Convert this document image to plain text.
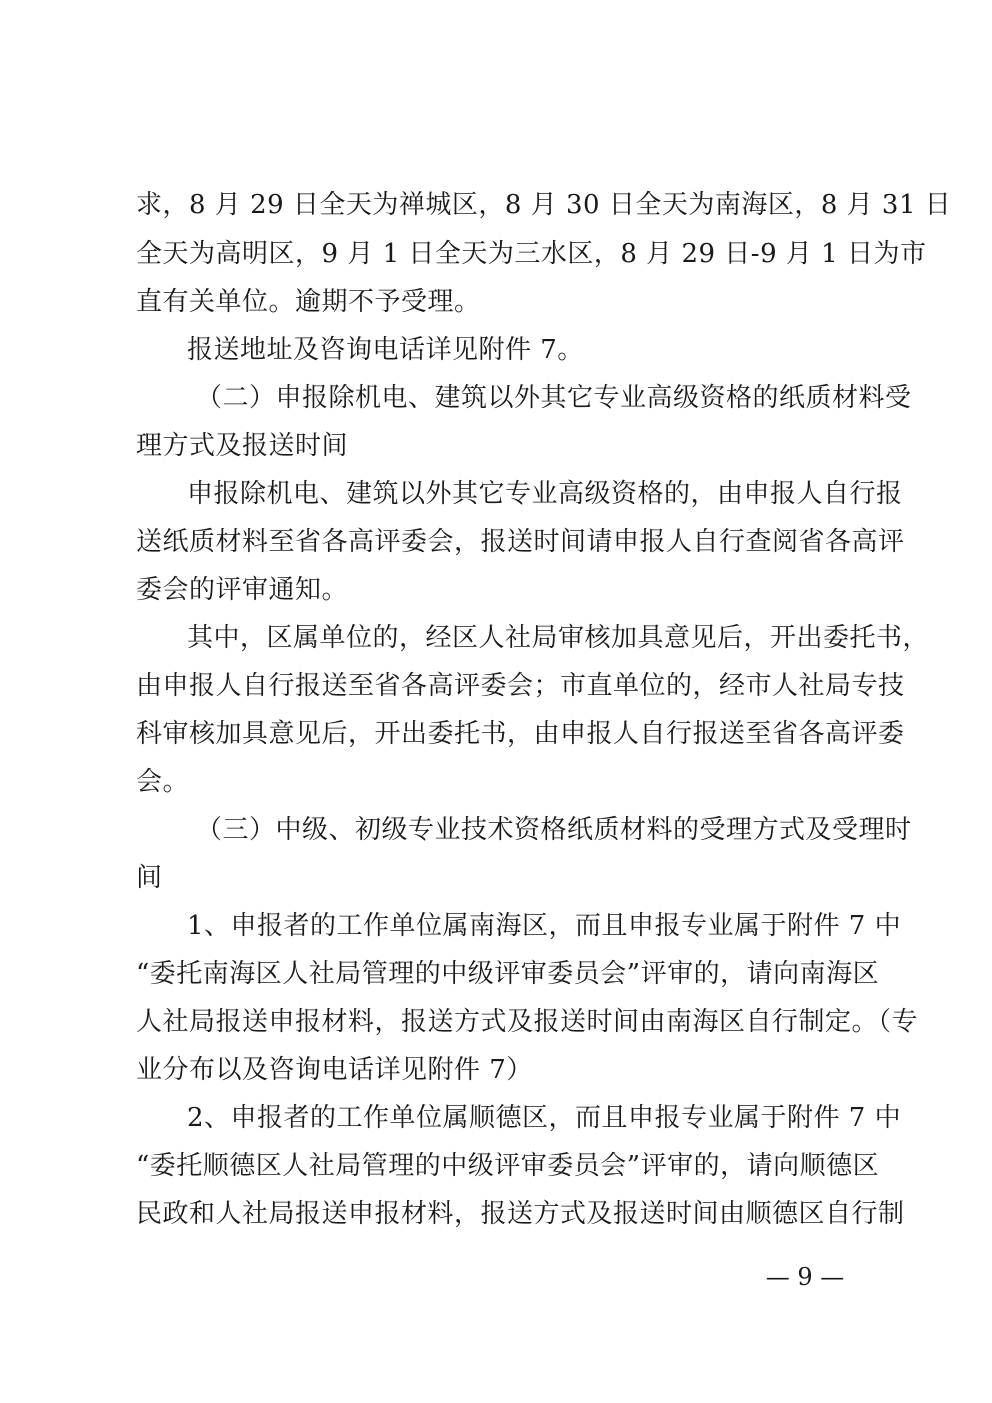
求，8 月 29 日全天为禅城区，8 月 30 日全天为南海区，8 月 31 日
全天为高明区，9 月 1 日全天为三水区，8 月 29 日-9 月 1 日为市
直有关单位。逾期不予受理。
报送地址及咨询电话详见附件 7。
（二）申报除机电、建筑以外其它专业高级资格的纸质材料受
理方式及报送时间
申报除机电、建筑以外其它专业高级资格的，由申报人自行报
送纸质材料至省各高评委会，报送时间请申报人自行查阅省各高评
委会的评审通知。
其中，区属单位的，经区人社局审核加具意见后，开出委托书，
由申报人自行报送至省各高评委会；市直单位的，经市人社局专技
科审核加具意见后，开出委托书，由申报人自行报送至省各高评委
会。
（三）中级、初级专业技术资格纸质材料的受理方式及受理时
间
1、申报者的工作单位属南海区，而且申报专业属于附件 7 中
“委托南海区人社局管理的中级评审委员会”评审的，请向南海区
人社局报送申报材料，报送方式及报送时间由南海区自行制定。（专
业分布以及咨询电话详见附件 7）
2、申报者的工作单位属顺德区，而且申报专业属于附件 7 中
“委托顺德区人社局管理的中级评审委员会”评审的，请向顺德区
民政和人社局报送申报材料，报送方式及报送时间由顺德区自行制
— 9 —
